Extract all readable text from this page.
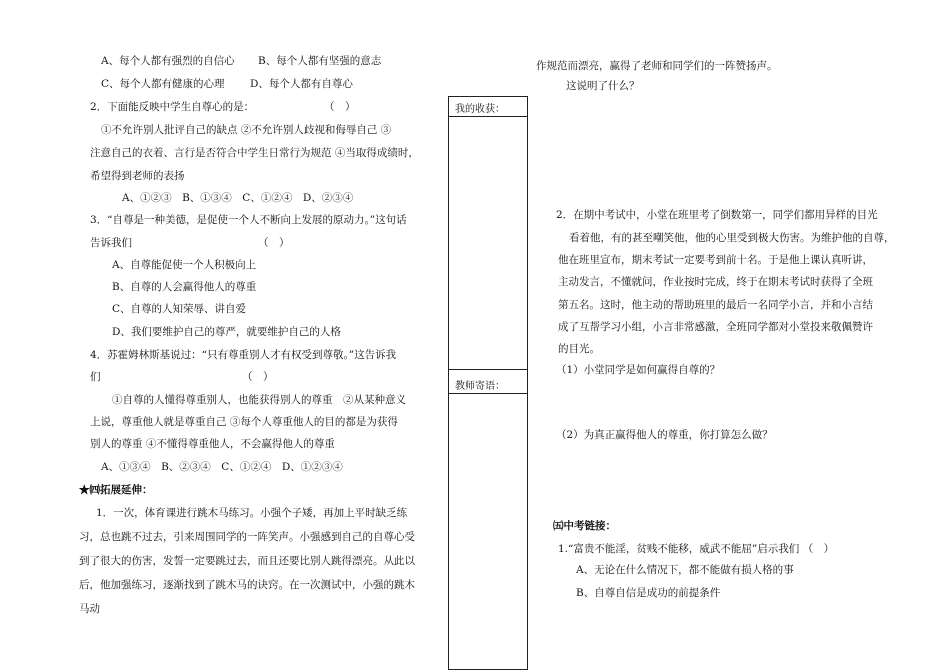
A、每个人都有强烈的自信心 B、每个人都有坚强的意志
C、每个人都有健康的心理 D、每个人都有自尊心
2．下面能反映中学生自尊心的是：	（　）
①不允许别人批评自己的缺点 ②不允许别人歧视和侮辱自己 ③
注意自己的衣着、言行是否符合中学生日常行为规范 ④当取得成绩时，
希望得到老师的表扬
A、①②③　B、①③④　C、①②④　D、②③④
3．“自尊是一种美德，是促使一个人不断向上发展的原动力。”这句话
告诉我们	（　）
A、自尊能促使一个人积极向上
B、自尊的人会赢得他人的尊重
C、自尊的人知荣辱、讲自爱
D、我们要维护自己的尊严，就要维护自己的人格
4．苏霍姆林斯基说过：“只有尊重别人才有权受到尊敬。”这告诉我
们	（　）
①自尊的人懂得尊重别人，也能获得别人的尊重　②从某种意义
上说，尊重他人就是尊重自己 ③每个人尊重他人的目的都是为获得
别人的尊重 ④不懂得尊重他人，不会赢得他人的尊重
A、①③④　B、②③④　C、①②④　D、①②③④
★㈣拓展延伸：
1．一次，体育课进行跳木马练习。小强个子矮，再加上平时缺乏练
习，总也跳不过去，引来周围同学的一阵笑声。小强感到自己的自尊心受
到了很大的伤害，发誓一定要跳过去，而且还要比别人跳得漂亮。从此以
后，他加强练习，逐渐找到了跳木马的诀窍。在一次测试中，小强的跳木
马动
我的收获：
教师寄语：
作规范而漂亮，赢得了老师和同学们的一阵赞扬声。
这说明了什么？
2．在期中考试中，小堂在班里考了倒数第一，同学们都用异样的目光
看着他，有的甚至嘲笑他，他的心里受到极大伤害。为维护他的自尊，
他在班里宣布，期末考试一定要考到前十名。于是他上课认真听讲，
主动发言，不懂就问，作业按时完成，终于在期末考试时获得了全班
第五名。这时，他主动的帮助班里的最后一名同学小言，并和小言结
成了互帮学习小组，小言非常感激，全班同学都对小堂投来敬佩赞许
的目光。
（1）小堂同学是如何赢得自尊的？
（2）为真正赢得他人的尊重，你打算怎么做？
㈤中考链接：
1.“富贵不能淫，贫贱不能移，威武不能屈”启示我们 （　）
A、无论在什么情况下，都不能做有损人格的事
B、自尊自信是成功的前提条件
